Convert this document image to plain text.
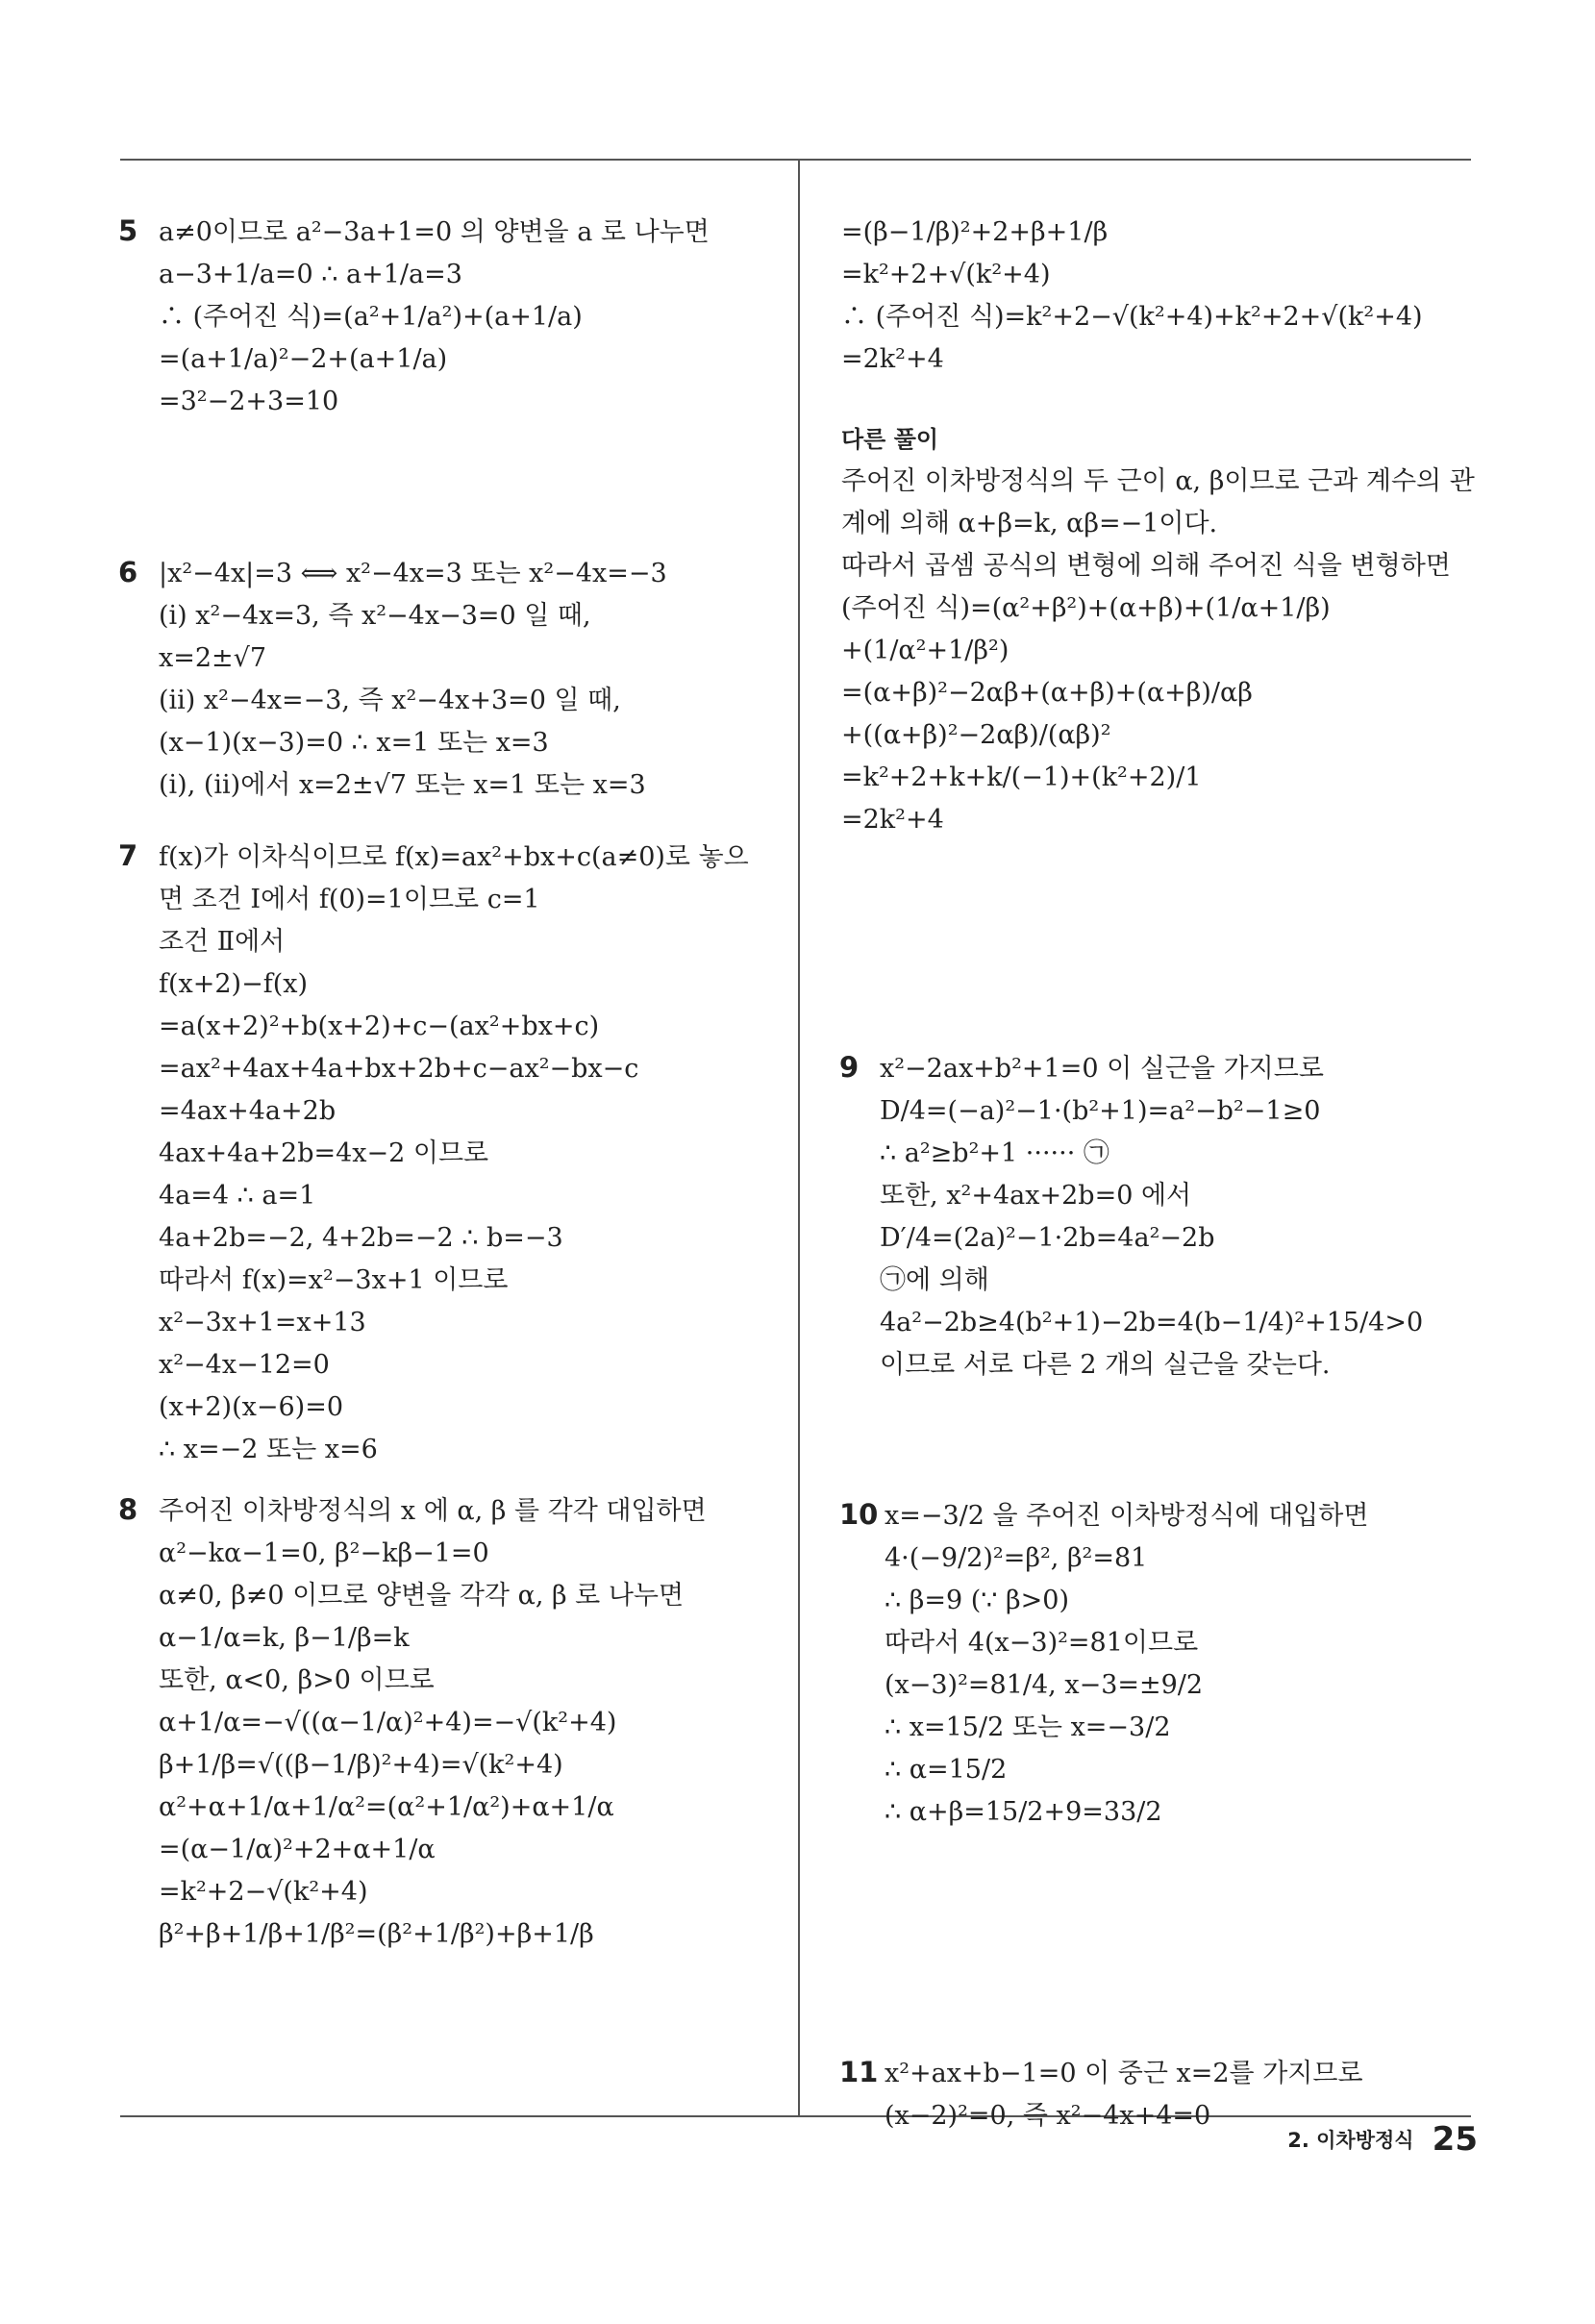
5 a≠0이므로 a²−3a+1=0 의 양변을 a 로 나누면
a−3+1/a=0 ∴ a+1/a=3
∴ (주어진 식)=(a²+1/a²)+(a+1/a)
=(a+1/a)²−2+(a+1/a)
=3²−2+3=10
6 |x²−4x|=3 ⟺ x²−4x=3 또는 x²−4x=−3
(ⅰ) x²−4x=3, 즉 x²−4x−3=0 일 때,
x=2±√7
(ⅱ) x²−4x=−3, 즉 x²−4x+3=0 일 때,
(x−1)(x−3)=0 ∴ x=1 또는 x=3
(ⅰ), (ⅱ)에서 x=2±√7 또는 x=1 또는 x=3
7 f(x)가 이차식이므로 f(x)=ax²+bx+c(a≠0)로 놓으
면 조건 Ⅰ에서 f(0)=1이므로 c=1
조건 Ⅱ에서
f(x+2)−f(x)
=a(x+2)²+b(x+2)+c−(ax²+bx+c)
=ax²+4ax+4a+bx+2b+c−ax²−bx−c
=4ax+4a+2b
4ax+4a+2b=4x−2 이므로
4a=4 ∴ a=1
4a+2b=−2, 4+2b=−2 ∴ b=−3
따라서 f(x)=x²−3x+1 이므로
x²−3x+1=x+13
x²−4x−12=0
(x+2)(x−6)=0
∴ x=−2 또는 x=6
8 주어진 이차방정식의 x 에 α, β 를 각각 대입하면
α²−kα−1=0, β²−kβ−1=0
α≠0, β≠0 이므로 양변을 각각 α, β 로 나누면
α−1/α=k, β−1/β=k
또한, α<0, β>0 이므로
α+1/α=−√((α−1/α)²+4)=−√(k²+4)
β+1/β=√((β−1/β)²+4)=√(k²+4)
α²+α+1/α+1/α²=(α²+1/α²)+α+1/α
=(α−1/α)²+2+α+1/α
=k²+2−√(k²+4)
β²+β+1/β+1/β²=(β²+1/β²)+β+1/β
=(β−1/β)²+2+β+1/β
=k²+2+√(k²+4)
∴ (주어진 식)=k²+2−√(k²+4)+k²+2+√(k²+4)
=2k²+4
다른 풀이
주어진 이차방정식의 두 근이 α, β이므로 근과 계수의 관
계에 의해 α+β=k, αβ=−1이다.
따라서 곱셈 공식의 변형에 의해 주어진 식을 변형하면
(주어진 식)=(α²+β²)+(α+β)+(1/α+1/β)
+(1/α²+1/β²)
=(α+β)²−2αβ+(α+β)+(α+β)/αβ
+((α+β)²−2αβ)/(αβ)²
=k²+2+k+k/(−1)+(k²+2)/1
=2k²+4
9 x²−2ax+b²+1=0 이 실근을 가지므로
D/4=(−a)²−1·(b²+1)=a²−b²−1≥0
∴ a²≥b²+1 ······ ㉠
또한, x²+4ax+2b=0 에서
D′/4=(2a)²−1·2b=4a²−2b
㉠에 의해
4a²−2b≥4(b²+1)−2b=4(b−1/4)²+15/4>0
이므로 서로 다른 2 개의 실근을 갖는다.
10 x=−3/2 을 주어진 이차방정식에 대입하면
4·(−9/2)²=β², β²=81
∴ β=9 (∵ β>0)
따라서 4(x−3)²=81이므로
(x−3)²=81/4, x−3=±9/2
∴ x=15/2 또는 x=−3/2
∴ α=15/2
∴ α+β=15/2+9=33/2
11 x²+ax+b−1=0 이 중근 x=2를 가지므로
(x−2)²=0, 즉 x²−4x+4=0
2. 이차방정식 25
